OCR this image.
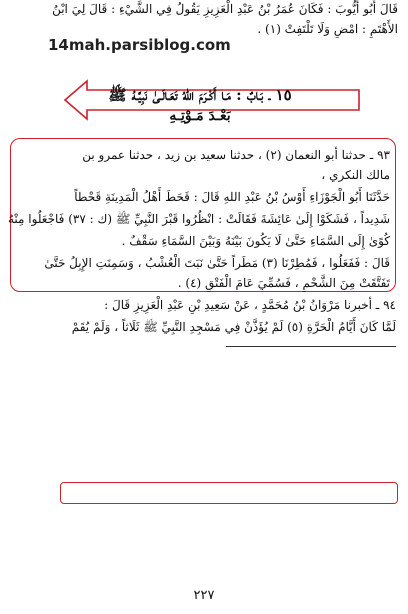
قَالَ أَبُو أَيُّوبَ : فَكَانَ عُمَرُ بْنُ عَبْدِ الْعَزِيزِ يَقُولُ فِي الشَّيْءِ : قَالَ لِيَ ابْنُ
الأَهْتَمِ : امْضِ وَلَا تَلْتَفِتْ (١) .
14mah.parsiblog.com
١٥ ـ بَـابٌ : مَـا أَكْـرَمَ اللهُ تَعَـالَـىٰ نَبِيَّـهُ ﷺ
بَعْـدَ مَـوْتِـهِ
٩٣ ـ حدثنا أبو النعمان (٢) ، حدثنا سعيد بن زيد ، حدثنا عمرو بن
مالك النكري ،
حَدَّثَنَا أَبُو الْجَوْزَاءِ أَوْسُ بْنُ عَبْدِ اللهِ قَالَ : قَحَطَ أَهْلُ الْمَدِينَةِ قَحْطاً
شَدِيداً ، فَشَكَوْا إِلَىٰ عَائِشَةَ فَقَالَتْ : انْظُرُوا قَبْرَ النَّبِيِّ ﷺ (ك : ٣٧) فَاجْعَلُوا مِنْهُ
كُوًىٰ إِلَى السَّمَاءِ حَتَّىٰ لَا يَكُونَ بَيْنَهُ وَبَيْنَ السَّمَاءِ سَقْفٌ .
قَالَ : فَفَعَلُوا ، فَمُطِرْنَا (٣) مَطَراً حَتَّىٰ نَبَتَ الْعُشْبُ ، وَسَمِنَتِ الإِبِلُ حَتَّىٰ
تَفَتَّقَتْ مِنَ الشَّحْمِ ، فَسُمِّيَ عَامَ الْفَتْقِ (٤) .
٩٤ ـ أخبرنا مَرْوَانُ بْنُ مُحَمَّدٍ ، عَنْ سَعِيدِ بْنِ عَبْدِ الْعَزِيزِ قَالَ :
لَمَّا كَانَ أَيَّامُ الْحَرَّةِ (٥) لَمْ يُؤَذَّنْ فِي مَسْجِدِ النَّبِيِّ ﷺ ثَلَاثاً ، وَلَمْ يُقَمْ
٢٢٧
